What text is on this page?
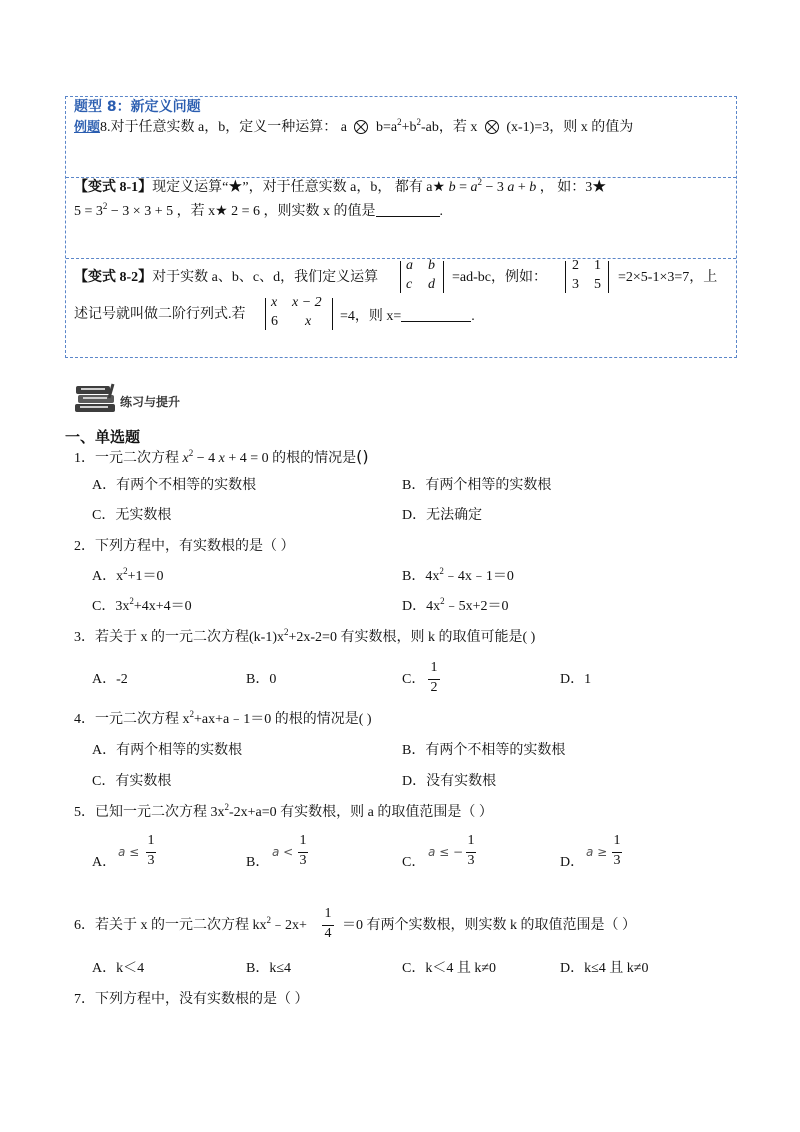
题型 8：新定义问题
例题8.对于任意实数 a，b，定义一种运算： a  $b=a^2+b^2-ab$，若 x  (x-1)=3，则 x 的值为
【变式 8-1】现定义运算“★”，对于任意实数 a，b， 都有 a★ $b = a^2 - 3$ a + b ， 如：3★
$5 = 3^2 - 3 \times 3 + 5$ ，若 x★ 2 = 6 ，则实数 x 的值是	.
【变式 8-2】对于实数 a、b、c、d，我们定义运算
a b
c d =ad-bc，例如：
2 1
3 5 =2×5-1×3=7，上
述记号就叫做二阶行列式.若
x x − 2
6 x =4，则 x=	.
练习与提升
一、单选题
1．一元二次方程 $x^2 - 4$ x + 4 = 0 的根的情况是()
A．有两个不相等的实数根	B．有两个相等的实数根
C．无实数根	D．无法确定
2．下列方程中，有实数根的是（ ）
A．$x^2+1=0$	B．$4x^2﹣4x﹣1=0$
C．$3x^2+4x+4=0$	D．$4x^2﹣5x+2=0$
3．若关于 x 的一元二次方程$(k-1)x^2+2x-2=0$ 有实数根，则 k 的取值可能是( )
A．-2	B．0	C．
1
2
D．1
4．一元二次方程 $x^2+ax+a﹣1=0$ 的根的情况是( )
A．有两个相等的实数根	B．有两个不相等的实数根
C．有实数根	D．没有实数根
5．已知一元二次方程 $3x^2-2x+a=0$ 有实数根，则 a 的取值范围是（ ）
A．
a ≤
1
3	B．
a <
1
3	C．
a ≤ −
1
3	D．
a ≥
1
3
6．若关于 x 的一元二次方程 $kx^2﹣2x+$
1
4
＝0 有两个实数根，则实数 k 的取值范围是（ ）
A．k＜4	B．k≤4	C．k＜4 且 k≠0	D．k≤4 且 k≠0
7．下列方程中，没有实数根的是（ ）
